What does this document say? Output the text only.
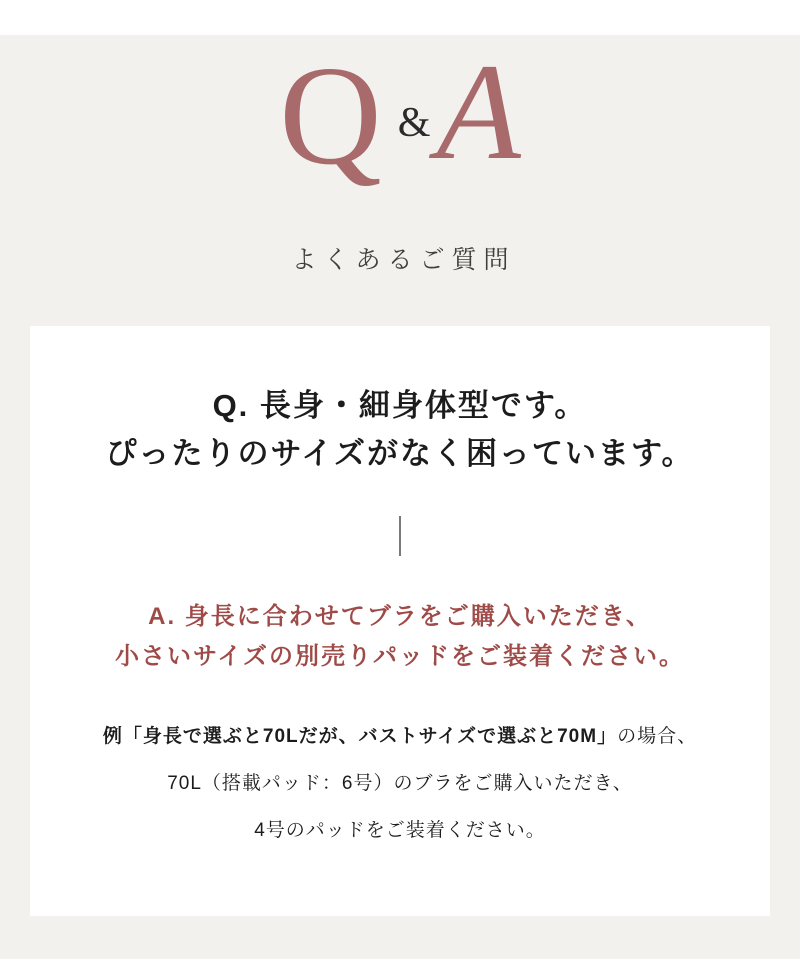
Q &A
よくあるご質問

Q. 長身・細身体型です。
ぴったりのサイズがなく困っています。

A. 身長に合わせてブラをご購入いただき、
小さいサイズの別売りパッドをご装着ください。

例「身長で選ぶと70Lだが、バストサイズで選ぶと70M」の場合、

70L（搭載パッド：6号）のブラをご購入いただき、

4号のパッドをご装着ください。
